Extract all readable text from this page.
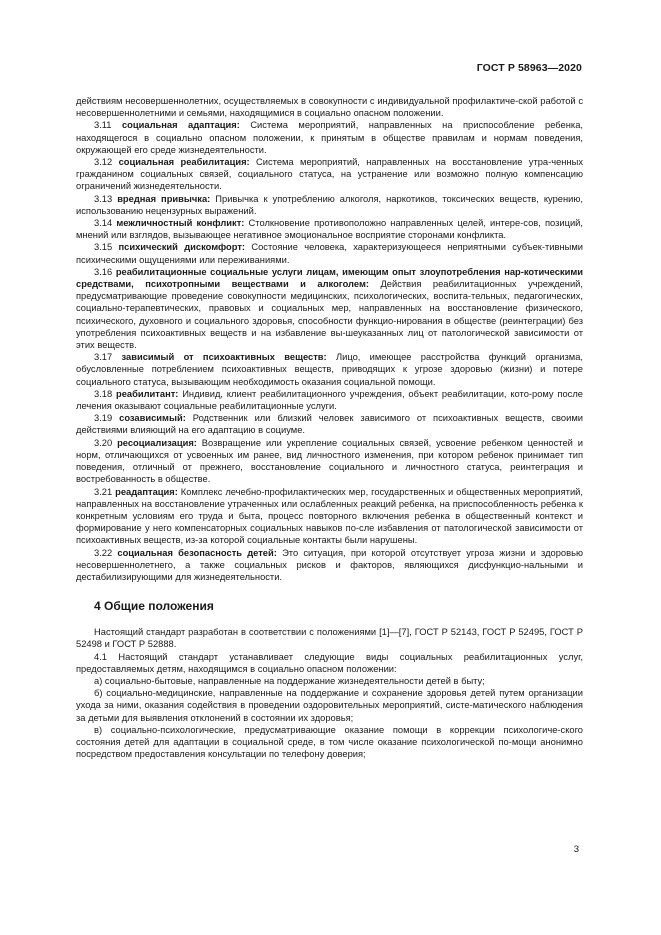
ГОСТ Р 58963—2020

действиям несовершеннолетних, осуществляемых в совокупности с индивидуальной профилактиче-ской работой с несовершеннолетними и семьями, находящимися в социально опасном положении.

3.11 социальная адаптация: Система мероприятий, направленных на приспособление ребенка, находящегося в социально опасном положении, к принятым в обществе правилам и нормам поведения, окружающей его среде жизнедеятельности.

3.12 социальная реабилитация: Система мероприятий, направленных на восстановление утра-ченных гражданином социальных связей, социального статуса, на устранение или возможно полную компенсацию ограничений жизнедеятельности.

3.13 вредная привычка: Привычка к употреблению алкоголя, наркотиков, токсических веществ, курению, использованию нецензурных выражений.

3.14 межличностный конфликт: Столкновение противоположно направленных целей, интере-сов, позиций, мнений или взглядов, вызывающее негативное эмоциональное восприятие сторонами конфликта.

3.15 психический дискомфорт: Состояние человека, характеризующееся неприятными субъек-тивными психическими ощущениями или переживаниями.

3.16 реабилитационные социальные услуги лицам, имеющим опыт злоупотребления нар-котическими средствами, психотропными веществами и алкоголем: Действия реабилитационных учреждений, предусматривающие проведение совокупности медицинских, психологических, воспита-тельных, педагогических, социально-терапевтических, правовых и социальных мер, направленных на восстановление физического, психического, духовного и социального здоровья, способности функцио-нирования в обществе (реинтеграции) без употребления психоактивных веществ и на избавление вы-шеуказанных лиц от патологической зависимости от этих веществ.

3.17 зависимый от психоактивных веществ: Лицо, имеющее расстройства функций организма, обусловленные потреблением психоактивных веществ, приводящих к угрозе здоровью (жизни) и потере социального статуса, вызывающим необходимость оказания социальной помощи.

3.18 реабилитант: Индивид, клиент реабилитационного учреждения, объект реабилитации, кото-рому после лечения оказывают социальные реабилитационные услуги.

3.19 созависимый: Родственник или близкий человек зависимого от психоактивных веществ, своими действиями влияющий на его адаптацию в социуме.

3.20 ресоциализация: Возвращение или укрепление социальных связей, усвоение ребенком ценностей и норм, отличающихся от усвоенных им ранее, вид личностного изменения, при котором ребенок принимает тип поведения, отличный от прежнего, восстановление социального и личностного статуса, реинтеграция и востребованность в обществе.

3.21 реадаптация: Комплекс лечебно-профилактических мер, государственных и общественных мероприятий, направленных на восстановление утраченных или ослабленных реакций ребенка, на приспособленность ребенка к конкретным условиям его труда и быта, процесс повторного включения ребенка в общественный контекст и формирование у него компенсаторных социальных навыков по-сле избавления от патологической зависимости от психоактивных веществ, из-за которой социальные контакты были нарушены.

3.22 социальная безопасность детей: Это ситуация, при которой отсутствует угроза жизни и здоровью несовершеннолетнего, а также социальных рисков и факторов, являющихся дисфункцио-нальными и дестабилизирующими для жизнедеятельности.

4 Общие положения

Настоящий стандарт разработан в соответствии с положениями [1]—[7], ГОСТ Р 52143, ГОСТ Р 52495, ГОСТ Р 52498 и ГОСТ Р 52888.

4.1 Настоящий стандарт устанавливает следующие виды социальных реабилитационных услуг, предоставляемых детям, находящимся в социально опасном положении:

а) социально-бытовые, направленные на поддержание жизнедеятельности детей в быту;

б) социально-медицинские, направленные на поддержание и сохранение здоровья детей путем организации ухода за ними, оказания содействия в проведении оздоровительных мероприятий, систе-матического наблюдения за детьми для выявления отклонений в состоянии их здоровья;

в) социально-психологические, предусматривающие оказание помощи в коррекции психологиче-ского состояния детей для адаптации в социальной среде, в том числе оказание психологической по-мощи анонимно посредством предоставления консультации по телефону доверия;

3
